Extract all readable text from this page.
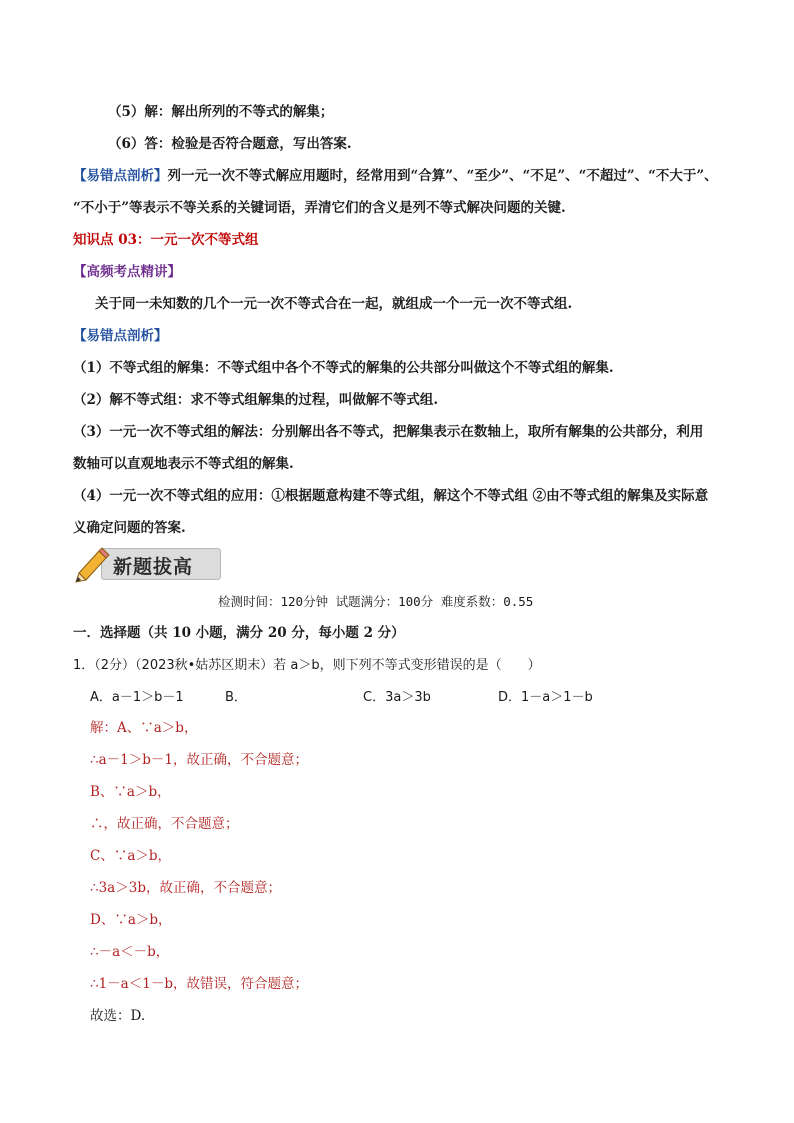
（5）解：解出所列的不等式的解集；
（6）答：检验是否符合题意，写出答案.
【易错点剖析】列一元一次不等式解应用题时，经常用到“合算”、“至少”、“不足”、“不超过”、“不大于”、
“不小于”等表示不等关系的关键词语，弄清它们的含义是列不等式解决问题的关键.
知识点 03：一元一次不等式组
【高频考点精讲】
关于同一未知数的几个一元一次不等式合在一起，就组成一个一元一次不等式组.
【易错点剖析】
（1）不等式组的解集：不等式组中各个不等式的解集的公共部分叫做这个不等式组的解集.
（2）解不等式组：求不等式组解集的过程，叫做解不等式组.
（3）一元一次不等式组的解法：分别解出各不等式，把解集表示在数轴上，取所有解集的公共部分，利用
数轴可以直观地表示不等式组的解集.
（4）一元一次不等式组的应用：①根据题意构建不等式组，解这个不等式组 ②由不等式组的解集及实际意
义确定问题的答案.
新题拔高
检测时间：120分钟 试题满分：100分 难度系数：0.55
一．选择题（共 10 小题，满分 20 分，每小题 2 分）
1．（2分）（2023秋•姑苏区期末）若 a＞b，则下列不等式变形错误的是（　　）
A．a－1＞b－1	B．	C．3a＞3b	D．1－a＞1－b
解：A、∵a＞b，
∴a－1＞b－1，故正确，不合题意；
B、∵a＞b，
∴，故正确，不合题意；
C、∵a＞b，
∴3a＞3b，故正确，不合题意；
D、∵a＞b，
∴－a＜－b，
∴1－a＜1－b，故错误，符合题意；
故选：D.
